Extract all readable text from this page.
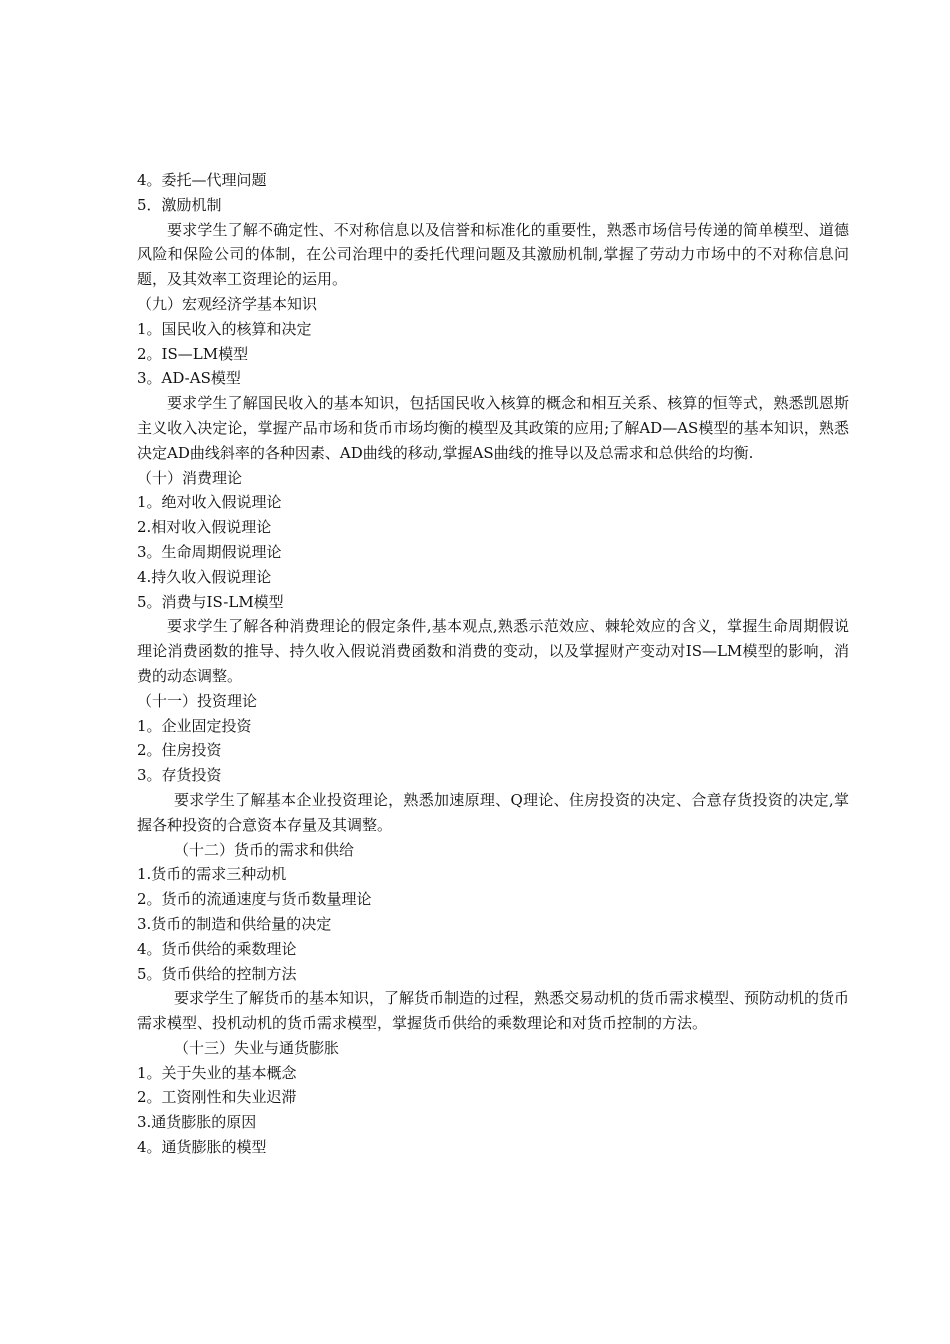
4。委托—代理问题
5．激励机制
要求学生了解不确定性、不对称信息以及信誉和标准化的重要性，熟悉市场信号传递的简单模型、道德风险和保险公司的体制，在公司治理中的委托代理问题及其激励机制,掌握了劳动力市场中的不对称信息问题，及其效率工资理论的运用。
（九）宏观经济学基本知识
1。国民收入的核算和决定
2。IS—LM模型
3。AD-AS模型
要求学生了解国民收入的基本知识，包括国民收入核算的概念和相互关系、核算的恒等式，熟悉凯恩斯主义收入决定论，掌握产品市场和货币市场均衡的模型及其政策的应用;了解AD—AS模型的基本知识，熟悉决定AD曲线斜率的各种因素、AD曲线的移动,掌握AS曲线的推导以及总需求和总供给的均衡.
（十）消费理论
1。绝对收入假说理论
2.相对收入假说理论
3。生命周期假说理论
4.持久收入假说理论
5。消费与IS-LM模型
要求学生了解各种消费理论的假定条件,基本观点,熟悉示范效应、棘轮效应的含义，掌握生命周期假说理论消费函数的推导、持久收入假说消费函数和消费的变动，以及掌握财产变动对IS—LM模型的影响，消费的动态调整。
（十一）投资理论
1。企业固定投资
2。住房投资
3。存货投资
要求学生了解基本企业投资理论，熟悉加速原理、Q理论、住房投资的决定、合意存货投资的决定,掌握各种投资的合意资本存量及其调整。
（十二）货币的需求和供给
1.货币的需求三种动机
2。货币的流通速度与货币数量理论
3.货币的制造和供给量的决定
4。货币供给的乘数理论
5。货币供给的控制方法
要求学生了解货币的基本知识，了解货币制造的过程，熟悉交易动机的货币需求模型、预防动机的货币需求模型、投机动机的货币需求模型，掌握货币供给的乘数理论和对货币控制的方法。
（十三）失业与通货膨胀
1。关于失业的基本概念
2。工资刚性和失业迟滞
3.通货膨胀的原因
4。通货膨胀的模型
